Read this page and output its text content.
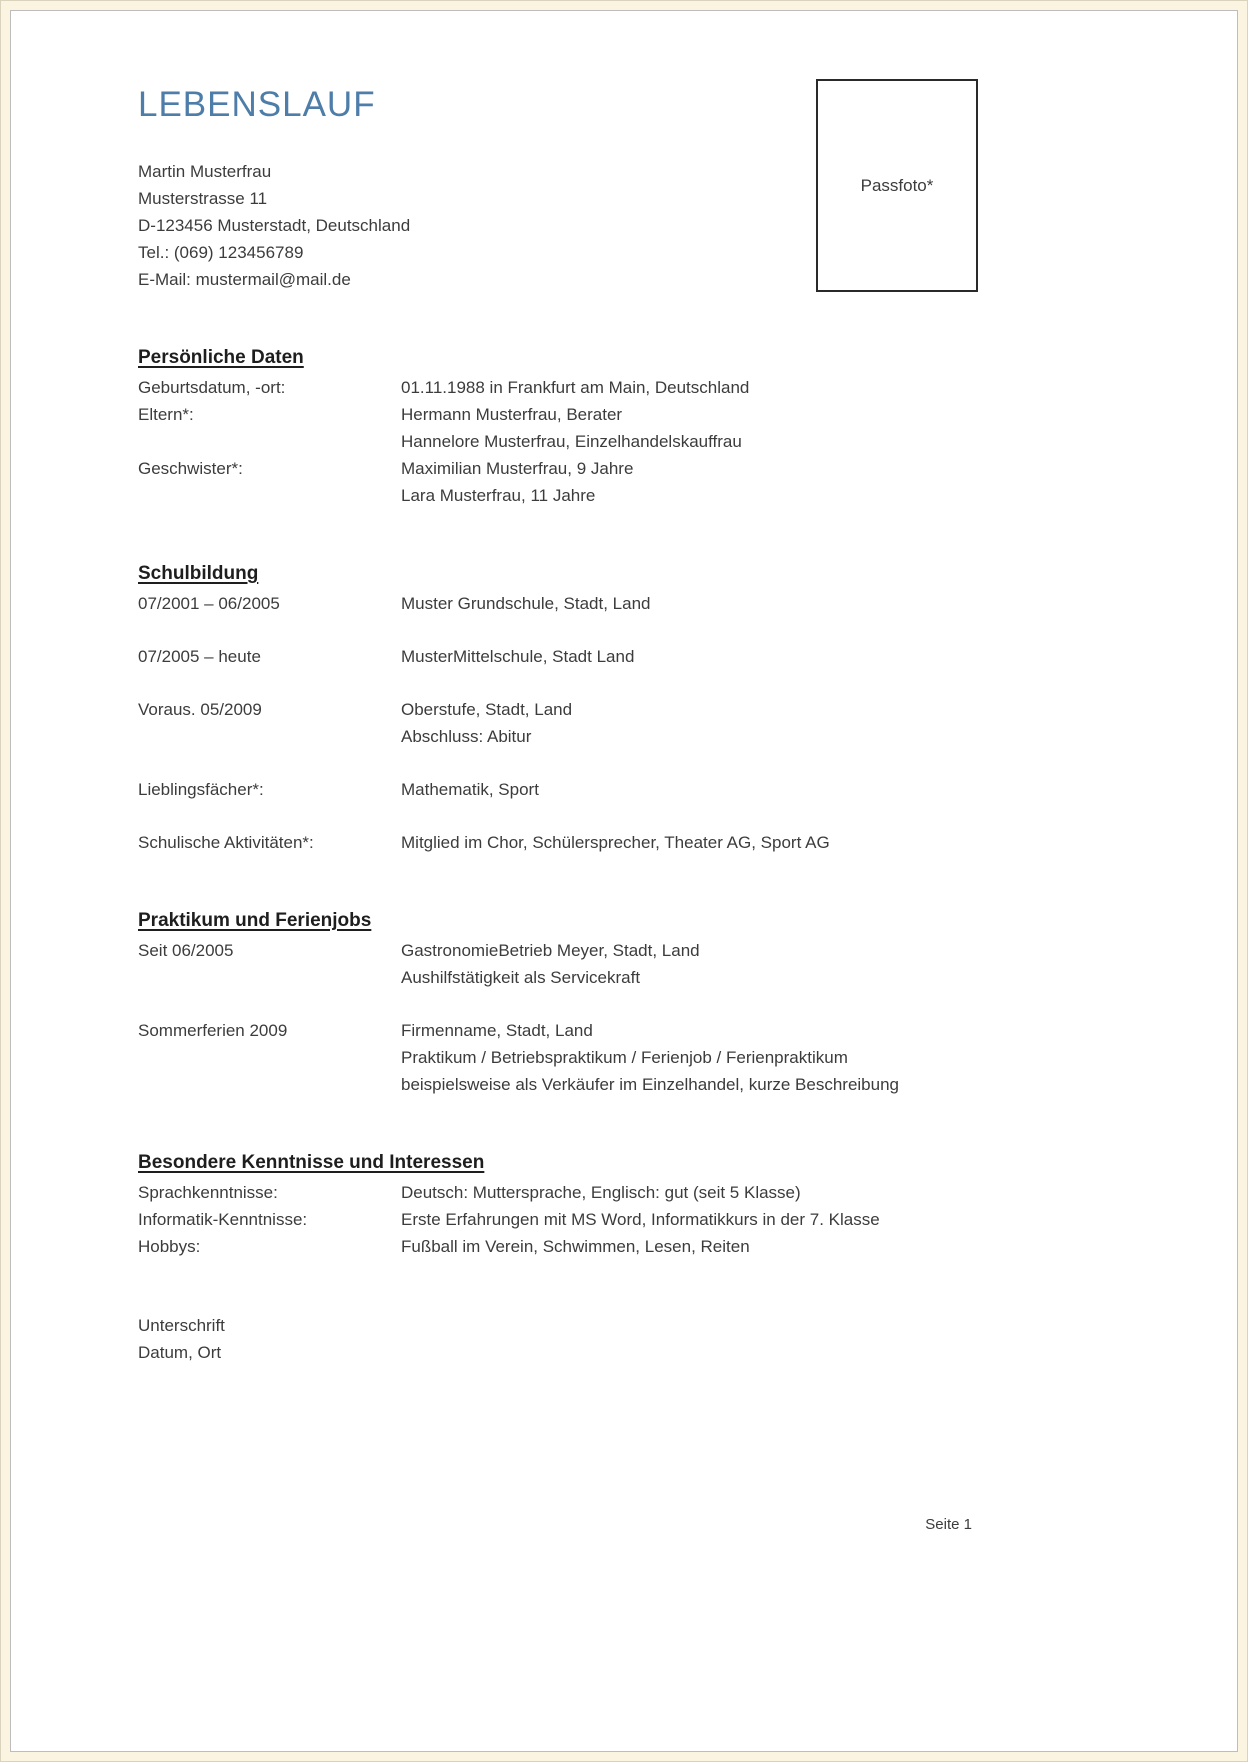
LEBENSLAUF
Passfoto*
Martin Musterfrau
Musterstrasse 11
D-123456 Musterstadt, Deutschland
Tel.: (069) 123456789
E-Mail: mustermail@mail.de
Persönliche Daten
Geburtsdatum, -ort:	01.11.1988 in Frankfurt am Main, Deutschland
Eltern*:	Hermann Musterfrau, Berater
Hannelore Musterfrau, Einzelhandelskauffrau
Geschwister*:	Maximilian Musterfrau, 9 Jahre
Lara Musterfrau, 11 Jahre
Schulbildung
07/2001 – 06/2005	Muster Grundschule, Stadt, Land
07/2005 – heute	MusterMittelschule, Stadt Land
Voraus. 05/2009	Oberstufe, Stadt, Land
Abschluss: Abitur
Lieblingsfächer*:	Mathematik, Sport
Schulische Aktivitäten*:	Mitglied im Chor, Schülersprecher, Theater AG, Sport AG
Praktikum und Ferienjobs
Seit 06/2005	GastronomieBetrieb Meyer, Stadt, Land
Aushilfstätigkeit als Servicekraft
Sommerferien 2009	Firmenname, Stadt, Land
Praktikum / Betriebspraktikum / Ferienjob / Ferienpraktikum
beispielsweise als Verkäufer im Einzelhandel, kurze Beschreibung
Besondere Kenntnisse und Interessen
Sprachkenntnisse:	Deutsch: Muttersprache, Englisch: gut (seit 5 Klasse)
Informatik-Kenntnisse:	Erste Erfahrungen mit MS Word, Informatikkurs in der 7. Klasse
Hobbys:	Fußball im Verein, Schwimmen, Lesen, Reiten
Unterschrift
Datum, Ort
Seite 1
